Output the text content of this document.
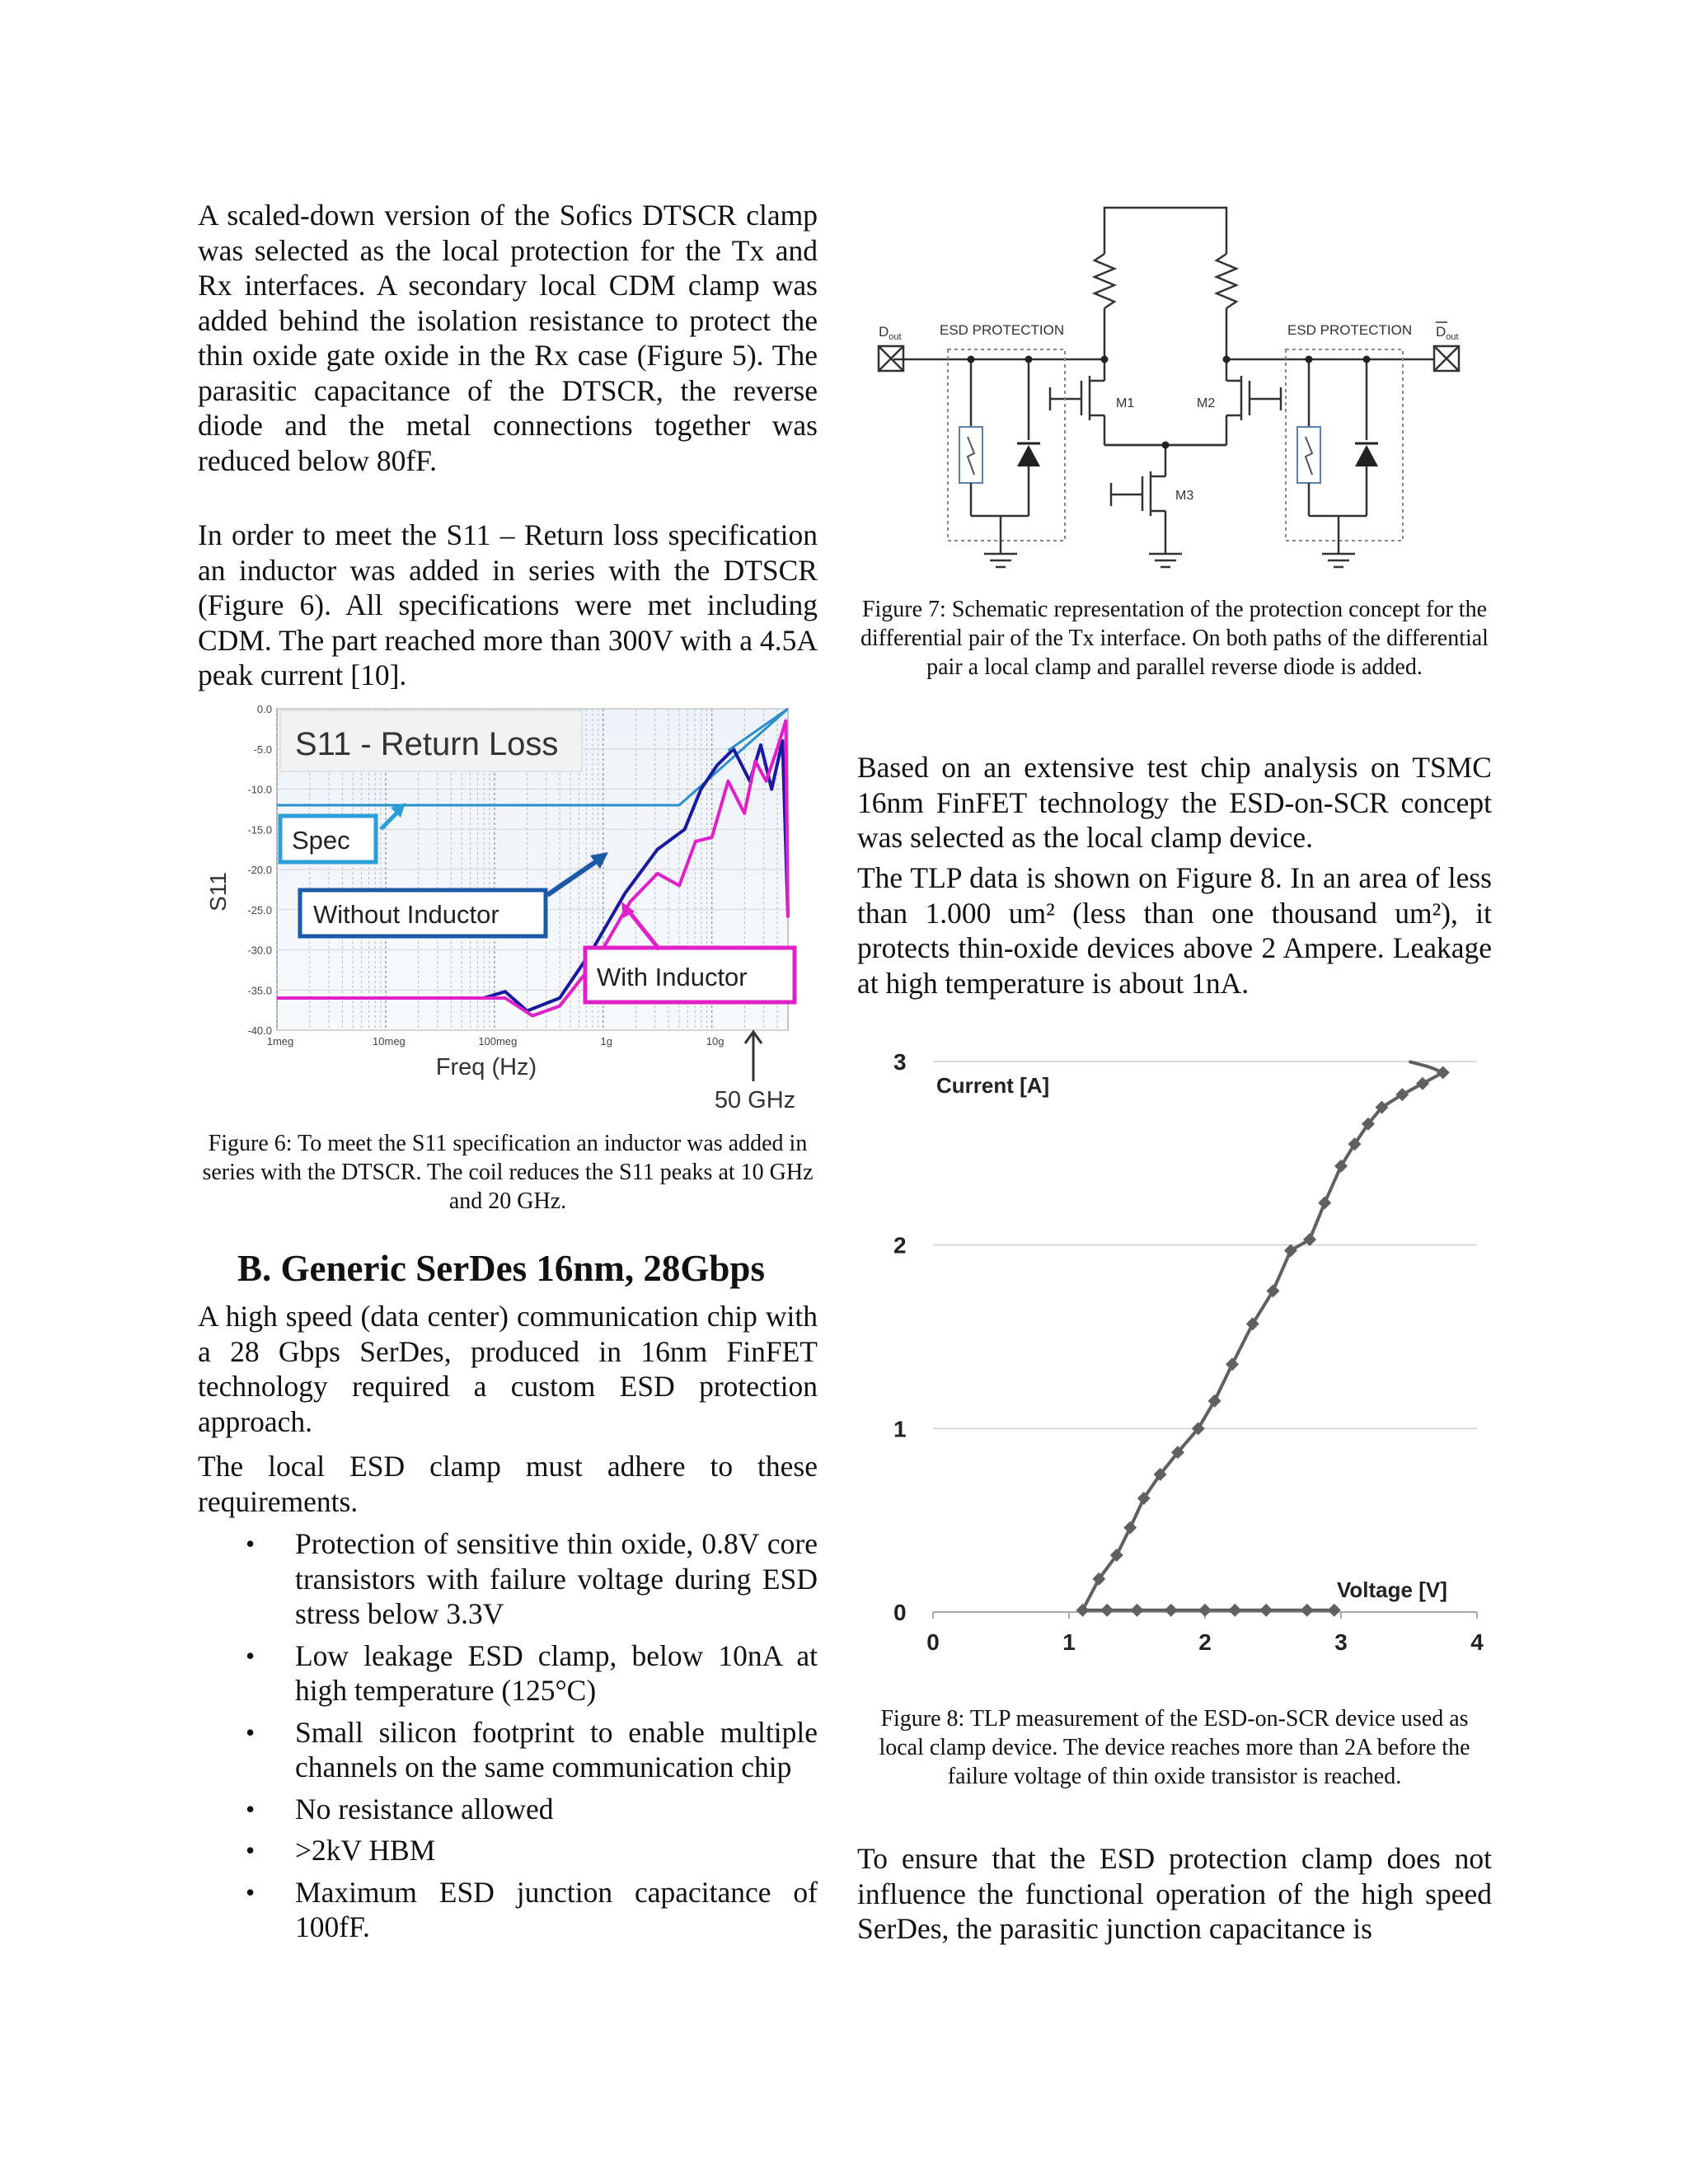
A scaled-down version of the Sofics DTSCR clamp was selected as the local protection for the Tx and Rx interfaces. A secondary local CDM clamp was added behind the isolation resistance to protect the thin oxide gate oxide in the Rx case (Figure 5). The parasitic capacitance of the DTSCR, the reverse diode and the metal connections together was reduced below 80fF.

In order to meet the S11 – Return loss specification an inductor was added in series with the DTSCR (Figure 6). All specifications were met including CDM. The part reached more than 300V with a 4.5A peak current [10].

0.0
-5.0
-10.0
-15.0
-20.0
-25.0
-30.0
-35.0
-40.0
1meg	10meg	100meg	1g	10g
S11 - Return Loss
Spec
Without Inductor
With Inductor
S11
Freq (Hz)
50 GHz

Figure 6: To meet the S11 specification an inductor was added in series with the DTSCR. The coil reduces the S11 peaks at 10 GHz and 20 GHz.

B. Generic SerDes 16nm, 28Gbps

A high speed (data center) communication chip with a 28 Gbps SerDes, produced in 16nm FinFET technology required a custom ESD protection approach.

The local ESD clamp must adhere to these requirements.

• Protection of sensitive thin oxide, 0.8V core transistors with failure voltage during ESD stress below 3.3V
• Low leakage ESD clamp, below 10nA at high temperature (125°C)
• Small silicon footprint to enable multiple channels on the same communication chip
• No resistance allowed
• >2kV HBM
• Maximum ESD junction capacitance of 100fF.
$D_{out}$	$D_{out}$
ESD PROTECTION	ESD PROTECTION
M1	M2
M3

Figure 7: Schematic representation of the protection concept for the differential pair of the Tx interface. On both paths of the differential pair a local clamp and parallel reverse diode is added.

Based on an extensive test chip analysis on TSMC 16nm FinFET technology the ESD-on-SCR concept was selected as the local clamp device.

The TLP data is shown on Figure 8. In an area of less than 1.000 um² (less than one thousand um²), it protects thin-oxide devices above 2 Ampere. Leakage at high temperature is about 1nA.

0
1
2
3
0	1	2	3	4
Current [A]
Voltage [V]

Figure 8: TLP measurement of the ESD-on-SCR device used as local clamp device. The device reaches more than 2A before the failure voltage of thin oxide transistor is reached.

To ensure that the ESD protection clamp does not influence the functional operation of the high speed SerDes, the parasitic junction capacitance is
